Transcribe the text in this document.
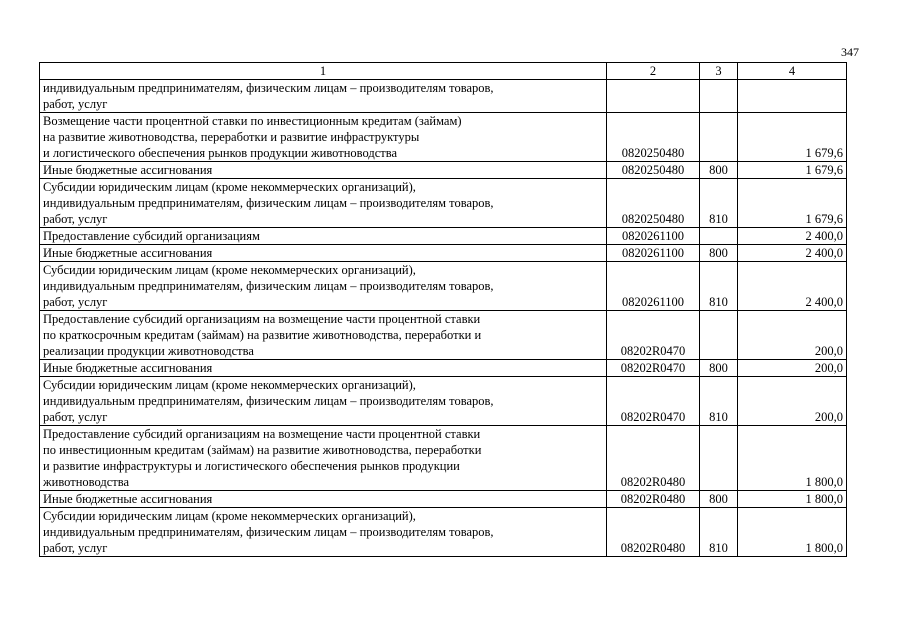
347
1	2	3	4
индивидуальным предпринимателям, физическим лицам – производителям товаров,
работ, услуг			
Возмещение части процентной ставки по инвестиционным кредитам (займам)
на развитие животноводства, переработки и развитие инфраструктуры
и логистического обеспечения рынков продукции животноводства	0820250480		1 679,6
Иные бюджетные ассигнования	0820250480	800	1 679,6
Субсидии юридическим лицам (кроме некоммерческих организаций),
индивидуальным предпринимателям, физическим лицам – производителям товаров,
работ, услуг	0820250480	810	1 679,6
Предоставление субсидий организациям	0820261100		2 400,0
Иные бюджетные ассигнования	0820261100	800	2 400,0
Субсидии юридическим лицам (кроме некоммерческих организаций),
индивидуальным предпринимателям, физическим лицам – производителям товаров,
работ, услуг	0820261100	810	2 400,0
Предоставление субсидий организациям на возмещение части процентной ставки
по краткосрочным кредитам (займам) на развитие животноводства, переработки и
реализации продукции животноводства	08202R0470		200,0
Иные бюджетные ассигнования	08202R0470	800	200,0
Субсидии юридическим лицам (кроме некоммерческих организаций),
индивидуальным предпринимателям, физическим лицам – производителям товаров,
работ, услуг	08202R0470	810	200,0
Предоставление субсидий организациям на возмещение части процентной ставки
по инвестиционным кредитам (займам) на развитие животноводства, переработки
и развитие инфраструктуры и логистического обеспечения рынков продукции
животноводства	08202R0480		1 800,0
Иные бюджетные ассигнования	08202R0480	800	1 800,0
Субсидии юридическим лицам (кроме некоммерческих организаций),
индивидуальным предпринимателям, физическим лицам – производителям товаров,
работ, услуг	08202R0480	810	1 800,0
